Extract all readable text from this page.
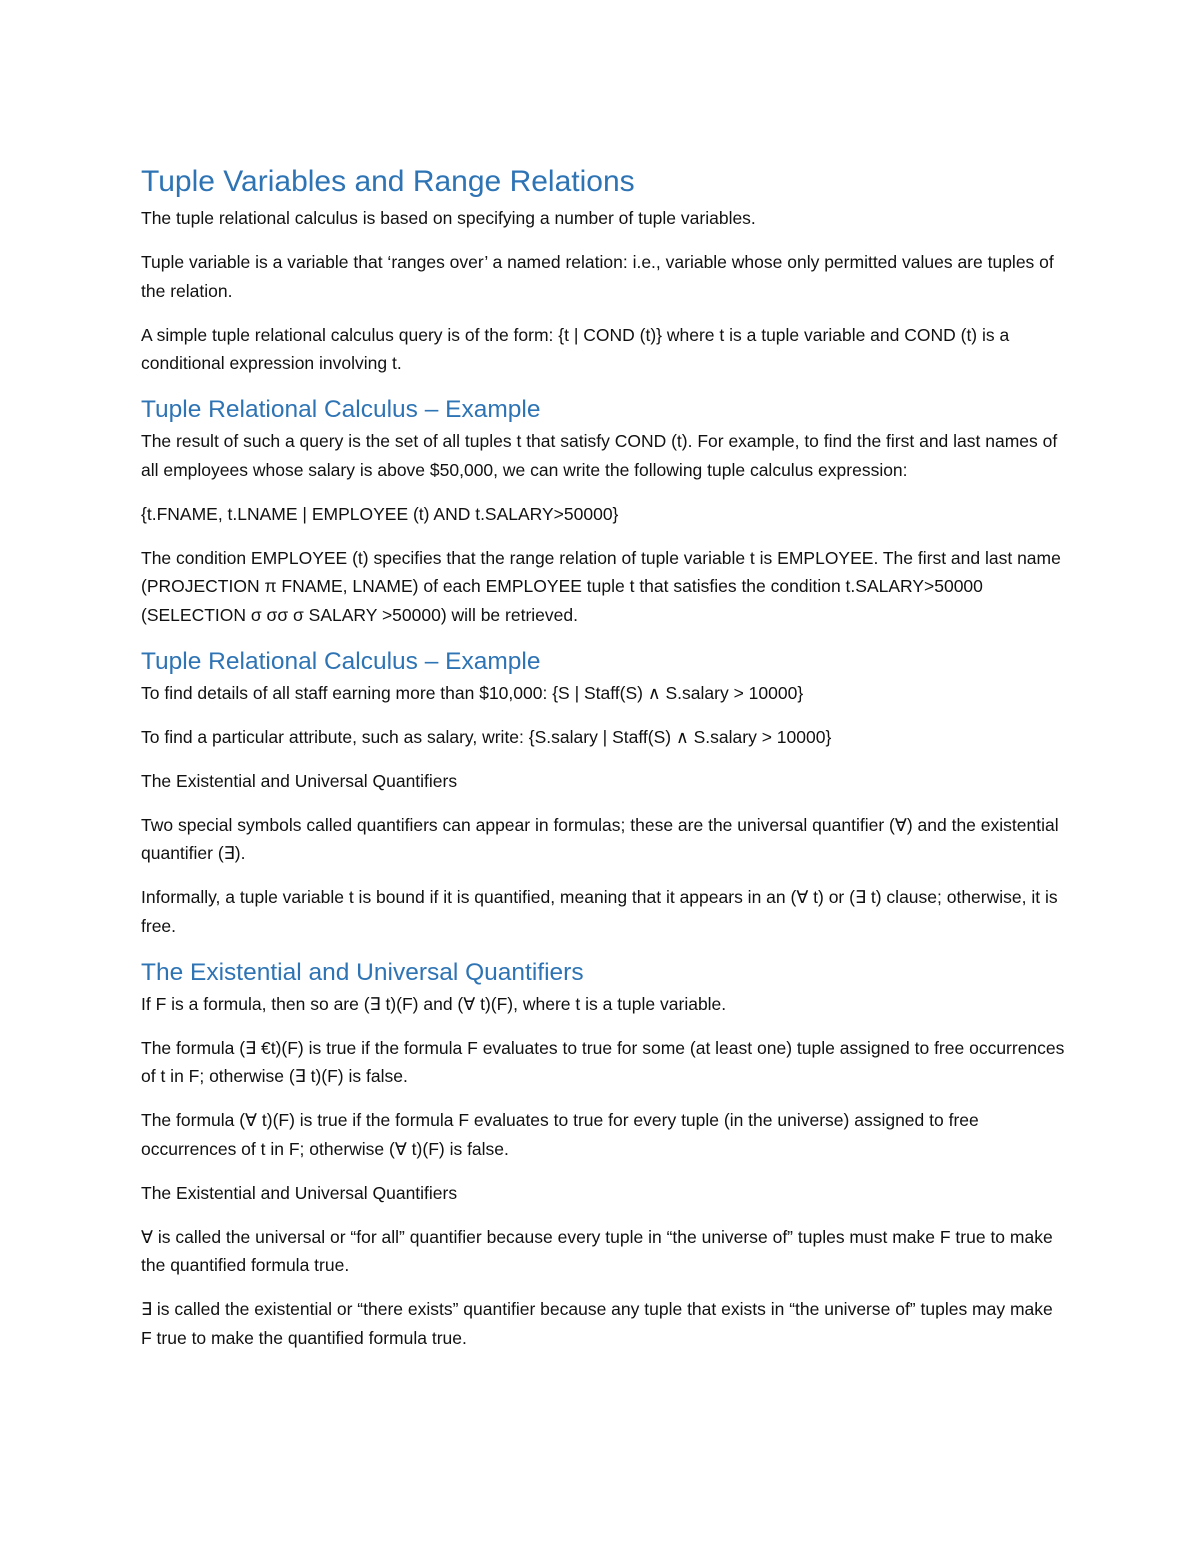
Tuple Variables and Range Relations

The tuple relational calculus is based on specifying a number of tuple variables.

Tuple variable is a variable that ‘ranges over’ a named relation: i.e., variable whose only permitted values are tuples of the relation.

A simple tuple relational calculus query is of the form: {t | COND (t)} where t is a tuple variable and COND (t) is a conditional expression involving t.

Tuple Relational Calculus – Example

The result of such a query is the set of all tuples t that satisfy COND (t). For example, to find the first and last names of all employees whose salary is above $50,000, we can write the following tuple calculus expression:

{t.FNAME, t.LNAME | EMPLOYEE (t) AND t.SALARY>50000}

The condition EMPLOYEE (t) specifies that the range relation of tuple variable t is EMPLOYEE. The first and last name (PROJECTION π FNAME, LNAME) of each EMPLOYEE tuple t that satisfies the condition t.SALARY>50000 (SELECTION σ σσ σ SALARY >50000) will be retrieved.

Tuple Relational Calculus – Example

To find details of all staff earning more than $10,000: {S | Staff(S) ∧ S.salary > 10000}

To find a particular attribute, such as salary, write: {S.salary | Staff(S) ∧ S.salary > 10000}

The Existential and Universal Quantifiers

Two special symbols called quantifiers can appear in formulas; these are the universal quantifier (∀) and the existential quantifier (∃).

Informally, a tuple variable t is bound if it is quantified, meaning that it appears in an (∀ t) or (∃ t) clause; otherwise, it is free.

The Existential and Universal Quantifiers

If F is a formula, then so are (∃ t)(F) and (∀ t)(F), where t is a tuple variable.

The formula (∃ €t)(F) is true if the formula F evaluates to true for some (at least one) tuple assigned to free occurrences of t in F; otherwise (∃ t)(F) is false.

The formula (∀ t)(F) is true if the formula F evaluates to true for every tuple (in the universe) assigned to free occurrences of t in F; otherwise (∀ t)(F) is false.

The Existential and Universal Quantifiers

∀ is called the universal or “for all” quantifier because every tuple in “the universe of” tuples must make F true to make the quantified formula true.

∃ is called the existential or “there exists” quantifier because any tuple that exists in “the universe of” tuples may make F true to make the quantified formula true.
